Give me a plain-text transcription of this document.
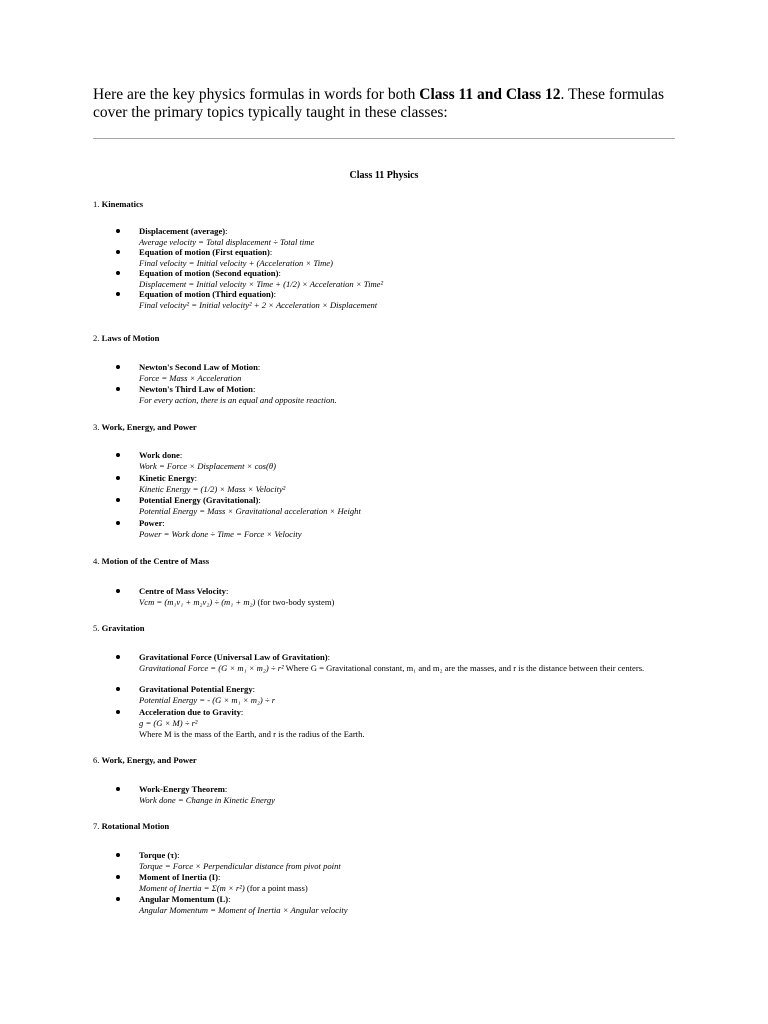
Here are the key physics formulas in words for both Class 11 and Class 12. These formulas cover the primary topics typically taught in these classes:

Class 11 Physics
1. Kinematics
Displacement (average):
Average velocity = Total displacement ÷ Total time
Equation of motion (First equation):
Final velocity = Initial velocity + (Acceleration × Time)
Equation of motion (Second equation):
Displacement = Initial velocity × Time + (1/2) × Acceleration × Time²
Equation of motion (Third equation):
Final velocity² = Initial velocity² + 2 × Acceleration × Displacement
2. Laws of Motion
Newton's Second Law of Motion:
Force = Mass × Acceleration
Newton's Third Law of Motion:
For every action, there is an equal and opposite reaction.
3. Work, Energy, and Power
Work done:
Work = Force × Displacement × cos(θ)
Kinetic Energy:
Kinetic Energy = (1/2) × Mass × Velocity²
Potential Energy (Gravitational):
Potential Energy = Mass × Gravitational acceleration × Height
Power:
Power = Work done ÷ Time = Force × Velocity
4. Motion of the Centre of Mass
Centre of Mass Velocity:
Vcm = (m₁v₁ + m₂v₂) ÷ (m₁ + m₂) (for two-body system)
5. Gravitation
Gravitational Force (Universal Law of Gravitation):
Gravitational Force = (G × m₁ × m₂) ÷ r² Where G = Gravitational constant, m₁ and m₂ are the masses, and r is the distance between their centers.
Gravitational Potential Energy:
Potential Energy = - (G × m₁ × m₂) ÷ r
Acceleration due to Gravity:
g = (G × M) ÷ r²
Where M is the mass of the Earth, and r is the radius of the Earth.
6. Work, Energy, and Power
Work-Energy Theorem:
Work done = Change in Kinetic Energy
7. Rotational Motion
Torque (τ):
Torque = Force × Perpendicular distance from pivot point
Moment of Inertia (I):
Moment of Inertia = Σ(m × r²) (for a point mass)
Angular Momentum (L):
Angular Momentum = Moment of Inertia × Angular velocity
